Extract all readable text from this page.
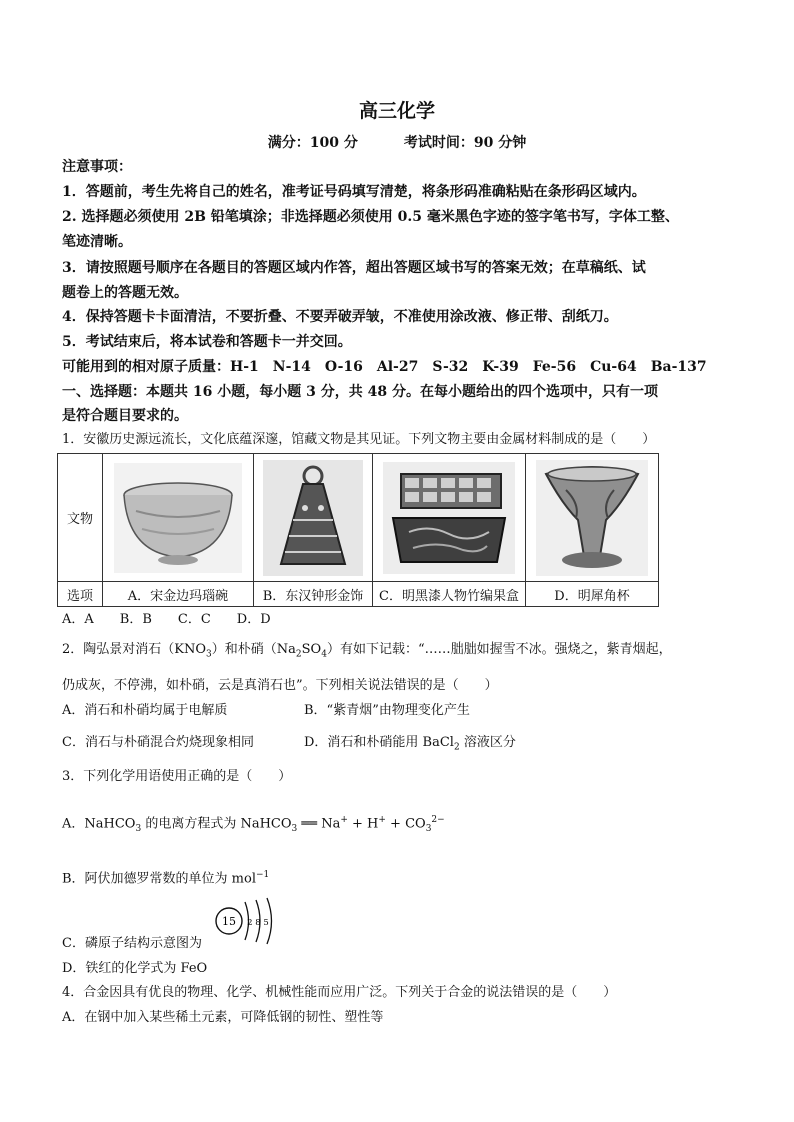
高三化学
满分：100 分	考试时间：90 分钟
注意事项：
1．答题前，考生先将自己的姓名，准考证号码填写清楚，将条形码准确粘贴在条形码区域内。
2. 选择题必须使用 2B 铅笔填涂；非选择题必须使用 0.5 毫米黑色字迹的签字笔书写，字体工整、
笔迹清晰。
3．请按照题号顺序在各题目的答题区域内作答，超出答题区域书写的答案无效；在草稿纸、试
题卷上的答题无效。
4．保持答题卡卡面清洁，不要折叠、不要弄破弄皱，不准使用涂改液、修正带、刮纸刀。
5．考试结束后，将本试卷和答题卡一并交回。
可能用到的相对原子质量：H-1　N-14　O-16　Al-27　S-32　K-39　Fe-56　Cu-64　Ba-137
一、选择题：本题共 16 小题，每小题 3 分，共 48 分。在每小题给出的四个选项中，只有一项
是符合题目要求的。
1．安徽历史源远流长，文化底蕴深邃，馆藏文物是其见证。下列文物主要由金属材料制成的是（　　）
文物	

选项	A．宋金边玛瑙碗	B．东汉钟形金饰	C．明黑漆人物竹编果盒	D．明犀角杯
A．A　　B．B　　C．C　　D．D
2．陶弘景对消石$(KNO_3)$和朴硝$(Na_2SO_4)$有如下记载：“……朏朏如握雪不冰。强烧之，紫青烟起，
仍成灰，不停沸，如朴硝，云是真消石也”。下列相关说法错误的是（　　）
A．消石和朴硝均属于电解质	B．“紫青烟”由物理变化产生
C．消石与朴硝混合灼烧现象相同	D．消石和朴硝能用 BaCl$_2$ 溶液区分
3．下列化学用语使用正确的是（　　）
A．NaHCO$_3$ 的电离方程式为 NaHCO$_3$ ══ $Na^+ + H^+ + CO_3^{2-}$
B．阿伏加德罗常数的单位为 mol$^{-1}$
15 2 8 5
C．磷原子结构示意图为
D．铁红的化学式为 FeO
4．合金因具有优良的物理、化学、机械性能而应用广泛。下列关于合金的说法错误的是（　　）
A．在钢中加入某些稀土元素，可降低钢的韧性、塑性等
